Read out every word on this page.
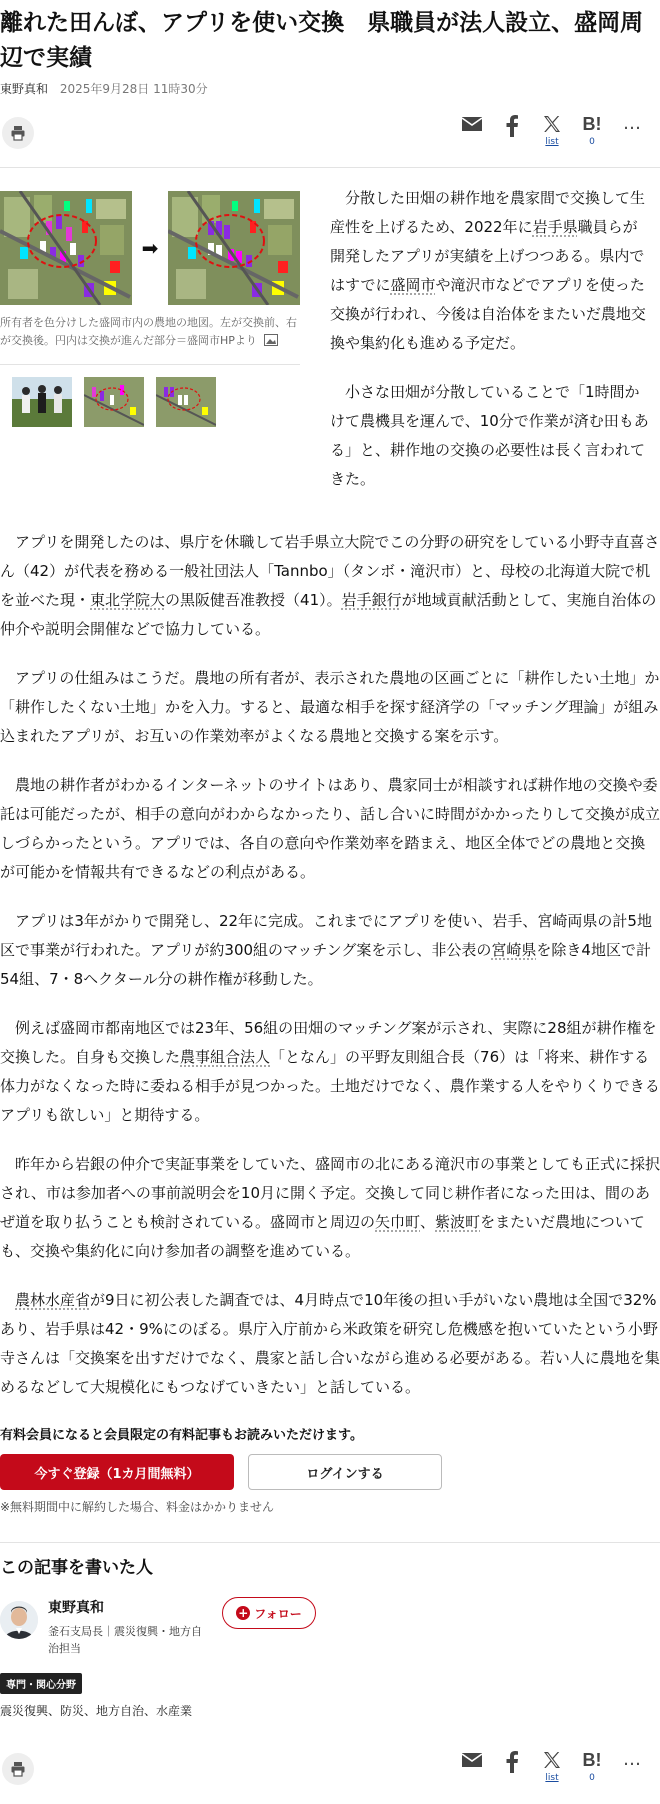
離れた田んぼ、アプリを使い交換　県職員が法人設立、盛岡周辺で実績
東野真和 2025年9月28日 11時30分
list
B!
0
…
➡
所有者を色分けした盛岡市内の農地の地図。左が交換前、右が交換後。円内は交換が進んだ部分＝盛岡市HPより

分散した田畑の耕作地を農家間で交換して生産性を上げるため、2022年に岩手県職員らが開発したアプリが実績を上げつつある。県内ではすでに盛岡市や滝沢市などでアプリを使った交換が行われ、今後は自治体をまたいだ農地交換や集約化も進める予定だ。

小さな田畑が分散していることで「1時間かけて農機具を運んで、10分で作業が済む田もある」と、耕作地の交換の必要性は長く言われてきた。

アプリを開発したのは、県庁を休職して岩手県立大院でこの分野の研究をしている小野寺直喜さん（42）が代表を務める一般社団法人「Tannbo」（タンボ・滝沢市）と、母校の北海道大院で机を並べた現・東北学院大の黒阪健吾准教授（41）。岩手銀行が地域貢献活動として、実施自治体の仲介や説明会開催などで協力している。

アプリの仕組みはこうだ。農地の所有者が、表示された農地の区画ごとに「耕作したい土地」か「耕作したくない土地」かを入力。すると、最適な相手を探す経済学の「マッチング理論」が組み込まれたアプリが、お互いの作業効率がよくなる農地と交換する案を示す。

農地の耕作者がわかるインターネットのサイトはあり、農家同士が相談すれば耕作地の交換や委託は可能だったが、相手の意向がわからなかったり、話し合いに時間がかかったりして交換が成立しづらかったという。アプリでは、各自の意向や作業効率を踏まえ、地区全体でどの農地と交換が可能かを情報共有できるなどの利点がある。

アプリは3年がかりで開発し、22年に完成。これまでにアプリを使い、岩手、宮崎両県の計5地区で事業が行われた。アプリが約300組のマッチング案を示し、非公表の宮崎県を除き4地区で計54組、7・8ヘクタール分の耕作権が移動した。

例えば盛岡市都南地区では23年、56組の田畑のマッチング案が示され、実際に28組が耕作権を交換した。自身も交換した農事組合法人「となん」の平野友則組合長（76）は「将来、耕作する体力がなくなった時に委ねる相手が見つかった。土地だけでなく、農作業する人をやりくりできるアプリも欲しい」と期待する。

昨年から岩銀の仲介で実証事業をしていた、盛岡市の北にある滝沢市の事業としても正式に採択され、市は参加者への事前説明会を10月に開く予定。交換して同じ耕作者になった田は、間のあぜ道を取り払うことも検討されている。盛岡市と周辺の矢巾町、紫波町をまたいだ農地についても、交換や集約化に向け参加者の調整を進めている。

農林水産省が9日に初公表した調査では、4月時点で10年後の担い手がいない農地は全国で32%あり、岩手県は42・9%にのぼる。県庁入庁前から米政策を研究し危機感を抱いていたという小野寺さんは「交換案を出すだけでなく、農家と話し合いながら進める必要がある。若い人に農地を集めるなどして大規模化にもつなげていきたい」と話している。

有料会員になると会員限定の有料記事もお読みいただけます。
今すぐ登録（1カ月間無料）	ログインする
※無料期間中に解約した場合、料金はかかりません
この記事を書いた人
東野真和
釜石支局長｜震災復興・地方自治担当
+ フォロー
専門・関心分野
震災復興、防災、地方自治、水産業
list
B!
0
…
